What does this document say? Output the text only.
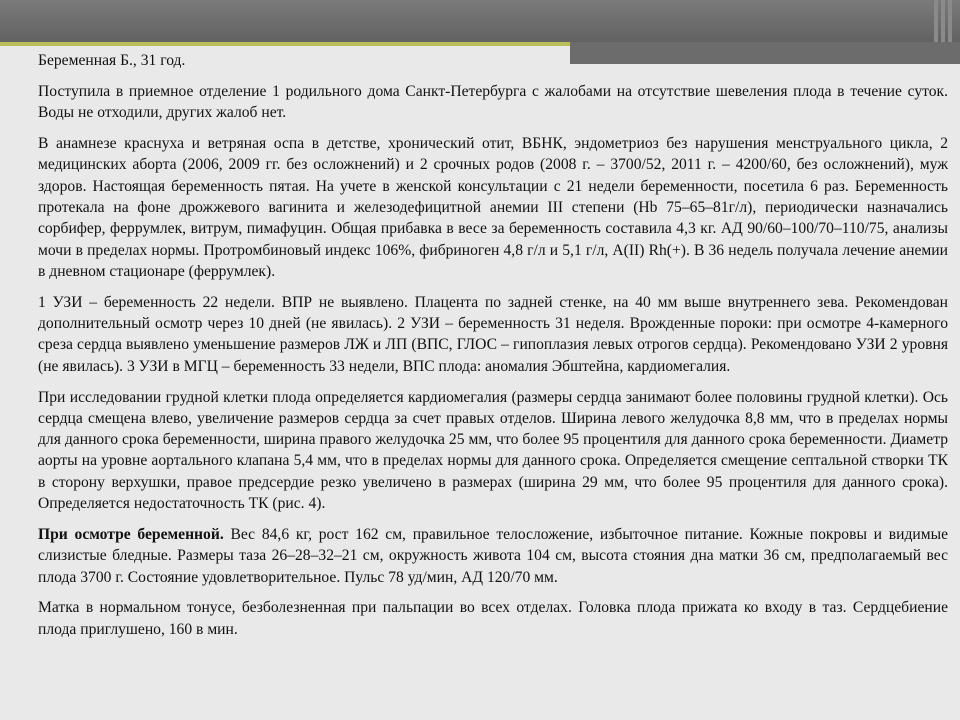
Беременная Б., 31 год.

Поступила в приемное отделение 1 родильного дома Санкт-Петербурга с жалобами на отсутствие шевеления плода в течение суток. Воды не отходили, других жалоб нет.

В анамнезе краснуха и ветряная оспа в детстве, хронический отит, ВБНК, эндометриоз без нарушения менструального цикла, 2 медицинских аборта (2006, 2009 гг. без осложнений) и 2 срочных родов (2008 г. – 3700/52, 2011 г. – 4200/60, без осложнений), муж здоров. Настоящая беременность пятая. На учете в женской консультации с 21 недели беременности, посетила 6 раз. Беременность протекала на фоне дрожжевого вагинита и железодефицитной анемии III степени (Hb 75–65–81г/л), периодически назначались сорбифер, феррумлек, витрум, пимафуцин. Общая прибавка в весе за беременность составила 4,3 кг. АД 90/60–100/70–110/75, анализы мочи в пределах нормы. Протромбиновый индекс 106%, фибриноген 4,8 г/л и 5,1 г/л, А(II) Rh(+). В 36 недель получала лечение анемии в дневном стационаре (феррумлек).

1 УЗИ – беременность 22 недели. ВПР не выявлено. Плацента по задней стенке, на 40 мм выше внутреннего зева. Рекомендован дополнительный осмотр через 10 дней (не явилась). 2 УЗИ – беременность 31 неделя. Врожденные пороки: при осмотре 4-камерного среза сердца выявлено уменьшение размеров ЛЖ и ЛП (ВПС, ГЛОС – гипоплазия левых отрогов сердца). Рекомендовано УЗИ 2 уровня (не явилась). 3 УЗИ в МГЦ – беременность 33 недели, ВПС плода: аномалия Эбштейна, кардиомегалия.

При исследовании грудной клетки плода определяется кардиомегалия (размеры сердца занимают более половины грудной клетки). Ось сердца смещена влево, увеличение размеров сердца за счет правых отделов. Ширина левого желудочка 8,8 мм, что в пределах нормы для данного срока беременности, ширина правого желудочка 25 мм, что более 95 процентиля для данного срока беременности. Диаметр аорты на уровне аортального клапана 5,4 мм, что в пределах нормы для данного срока. Определяется смещение септальной створки ТК в сторону верхушки, правое предсердие резко увеличено в размерах (ширина 29 мм, что более 95 процентиля для данного срока). Определяется недостаточность ТК (рис. 4).

При осмотре беременной. Вес 84,6 кг, рост 162 см, правильное телосложение, избыточное питание. Кожные покровы и видимые слизистые бледные. Размеры таза 26–28–32–21 см, окружность живота 104 см, высота стояния дна матки 36 см, предполагаемый вес плода 3700 г. Состояние удовлетворительное. Пульс 78 уд/мин, АД 120/70 мм.

Матка в нормальном тонусе, безболезненная при пальпации во всех отделах. Головка плода прижата ко входу в таз. Сердцебиение плода приглушено, 160 в мин.
